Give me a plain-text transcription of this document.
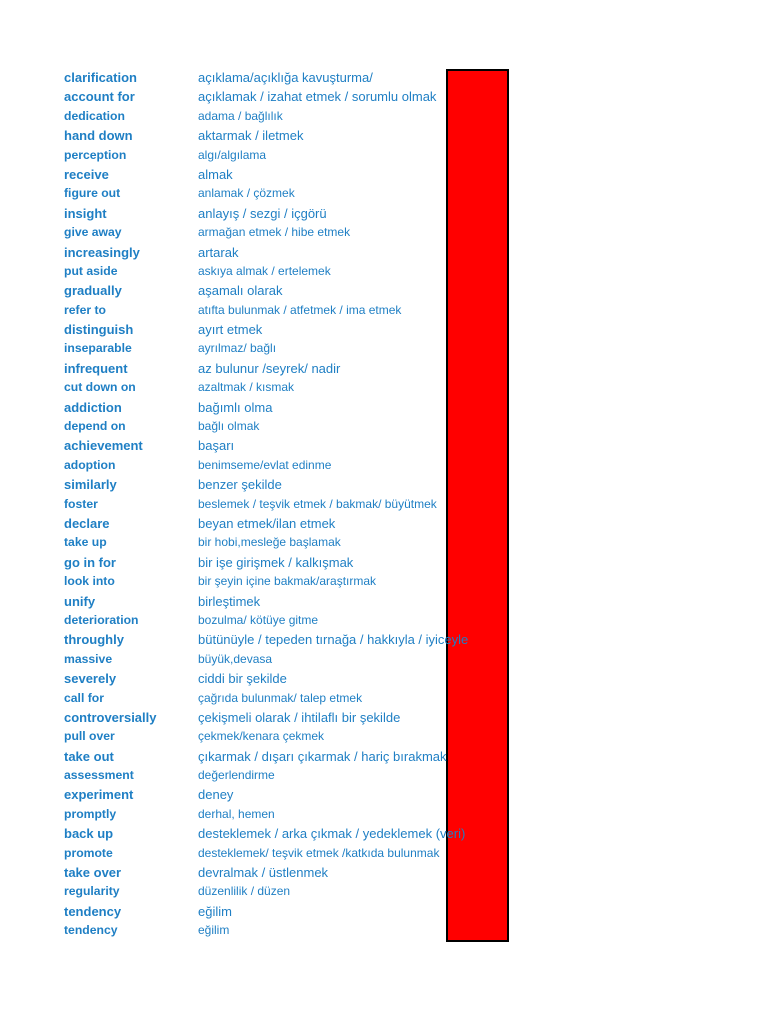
clarification	açıklama/açıklığa kavuşturma/
account for	açıklamak / izahat etmek / sorumlu olmak
dedication	adama / bağlılık
hand down	aktarmak / iletmek
perception	algı/algılama
receive	almak
figure out	anlamak / çözmek
insight	anlayış / sezgi / içgörü
give away	armağan etmek / hibe etmek
increasingly	artarak
put aside	askıya almak / ertelemek
gradually	aşamalı olarak
refer to	atıfta bulunmak / atfetmek / ima etmek
distinguish	ayırt etmek
inseparable	ayrılmaz/ bağlı
infrequent	az bulunur /seyrek/ nadir
cut down on	azaltmak / kısmak
addiction	bağımlı olma
depend on	bağlı olmak
achievement	başarı
adoption	benimseme/evlat edinme
similarly	benzer şekilde
foster	beslemek / teşvik etmek / bakmak/ büyütmek
declare	beyan etmek/ilan etmek
take up	bir hobi,mesleğe başlamak
go in for	bir işe girişmek / kalkışmak
look into	bir şeyin içine bakmak/araştırmak
unify	birleştimek
deterioration	bozulma/ kötüye gitme
throughly	bütünüyle / tepeden tırnağa / hakkıyla / iyiceyle
massive	büyük,devasa
severely	ciddi bir şekilde
call for	çağrıda bulunmak/ talep etmek
controversially	çekişmeli olarak / ihtilaflı bir şekilde
pull over	çekmek/kenara çekmek
take out	çıkarmak / dışarı çıkarmak / hariç bırakmak
assessment	değerlendirme
experiment	deney
promptly	derhal, hemen
back up	desteklemek / arka çıkmak / yedeklemek (veri)
promote	desteklemek/ teşvik etmek /katkıda bulunmak
take over	devralmak / üstlenmek
regularity	düzenlilik / düzen
tendency	eğilim
tendency	eğilim
